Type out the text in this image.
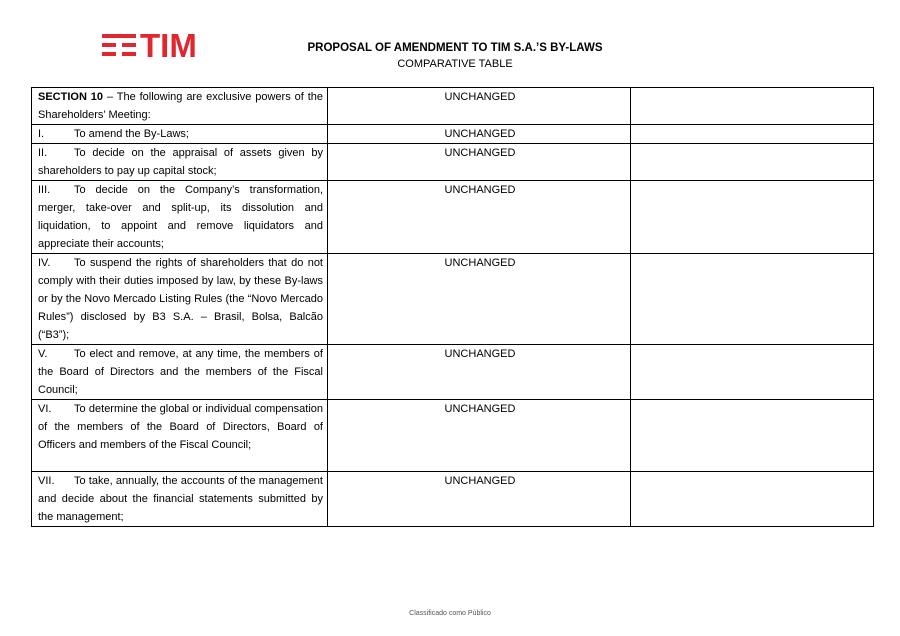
TIM	PROPOSAL OF AMENDMENT TO TIM S.A.’S BY-LAWS
COMPARATIVE TABLE
SECTION 10 – The following are exclusive powers of the Shareholders’ Meeting:	UNCHANGED	
I. To amend the By-Laws;	UNCHANGED	
II. To decide on the appraisal of assets given by shareholders to pay up capital stock;	UNCHANGED	
III. To decide on the Company’s transformation, merger, take-over and split-up, its dissolution and liquidation, to appoint and remove liquidators and appreciate their accounts;	UNCHANGED	
IV. To suspend the rights of shareholders that do not comply with their duties imposed by law, by these By-laws or by the Novo Mercado Listing Rules (the “Novo Mercado Rules”) disclosed by B3 S.A. – Brasil, Bolsa, Balcão (“B3”);	UNCHANGED	
V. To elect and remove, at any time, the members of the Board of Directors and the members of the Fiscal Council;	UNCHANGED	
VI. To determine the global or individual compensation of the members of the Board of Directors, Board of Officers and members of the Fiscal Council;	UNCHANGED	
VII. To take, annually, the accounts of the management and decide about the financial statements submitted by the management;	UNCHANGED	
Classificado como Público
